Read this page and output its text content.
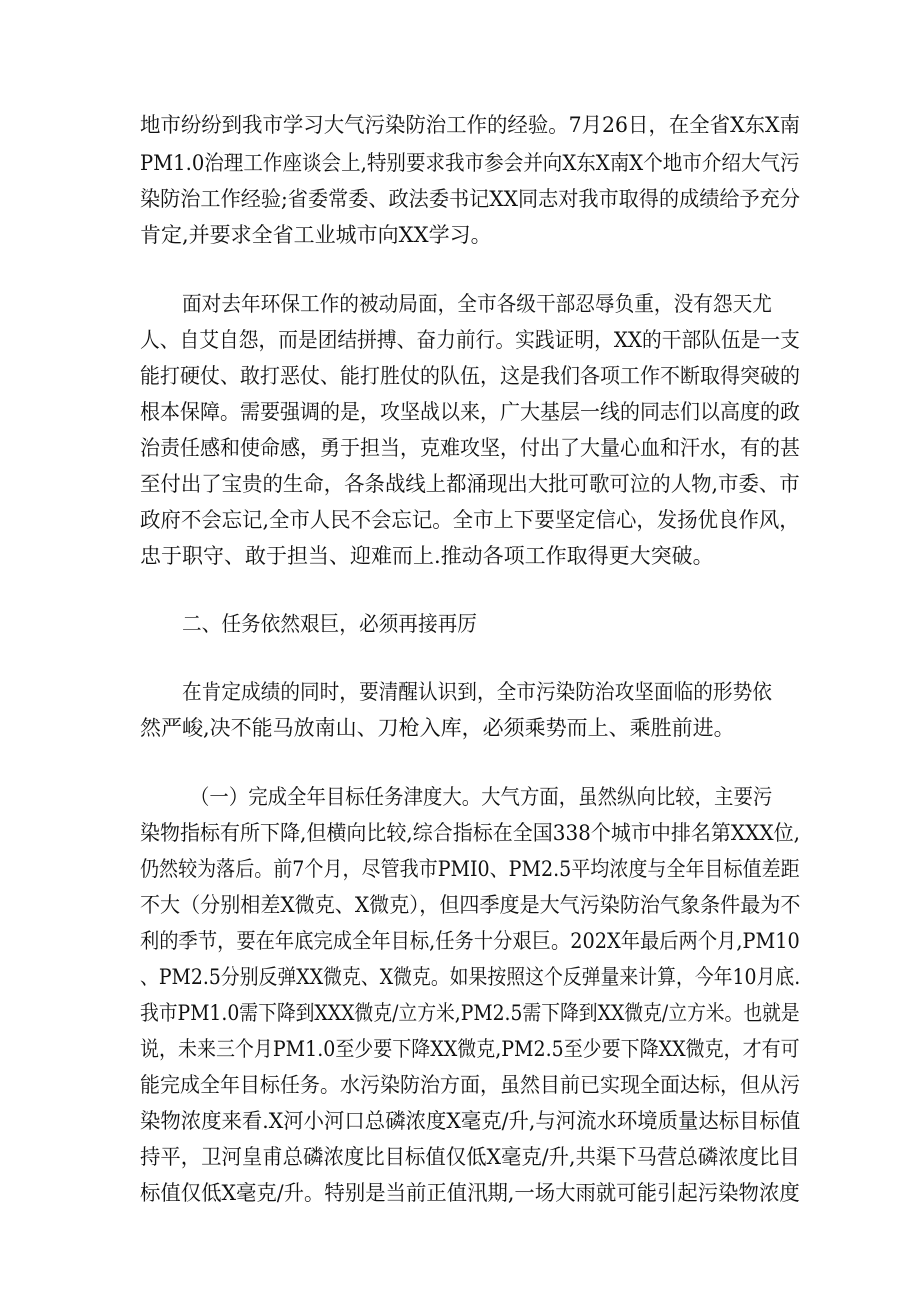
地市纷纷到我市学习大气污染防治工作的经验。7月26日，在全省X东X南
PM1.0治理工作座谈会上,特别要求我市参会并向X东X南X个地市介绍大气污
染防治工作经验;省委常委、政法委书记XX同志对我市取得的成绩给予充分
肯定,并要求全省工业城市向XX学习。
面对去年环保工作的被动局面，全市各级干部忍辱负重，没有怨天尤
人、自艾自怨，而是团结拼搏、奋力前行。实践证明，XX的干部队伍是一支
能打硬仗、敢打恶仗、能打胜仗的队伍，这是我们各项工作不断取得突破的
根本保障。需要强调的是，攻坚战以来，广大基层一线的同志们以高度的政
治责任感和使命感，勇于担当，克难攻坚，付出了大量心血和汗水，有的甚
至付出了宝贵的生命，各条战线上都涌现出大批可歌可泣的人物,市委、市
政府不会忘记,全市人民不会忘记。全市上下要坚定信心，发扬优良作风，
忠于职守、敢于担当、迎难而上.推动各项工作取得更大突破。
二、任务依然艰巨，必须再接再厉
在肯定成绩的同时，要清醒认识到，全市污染防治攻坚面临的形势依
然严峻,决不能马放南山、刀枪入库，必须乘势而上、乘胜前进。
（一）完成全年目标任务津度大。大气方面，虽然纵向比较，主要污
染物指标有所下降,但横向比较,综合指标在全国338个城市中排名第XXX位,
仍然较为落后。前7个月，尽管我市PMI0、PM2.5平均浓度与全年目标值差距
不大（分别相差X微克、X微克），但四季度是大气污染防治气象条件最为不
利的季节，要在年底完成全年目标,任务十分艰巨。202X年最后两个月,PM10
、PM2.5分别反弹XX微克、X微克。如果按照这个反弹量来计算，今年10月底.
我市PM1.0需下降到XXX微克/立方米,PM2.5需下降到XX微克/立方米。也就是
说，未来三个月PM1.0至少要下降XX微克,PM2.5至少要下降XX微克，才有可
能完成全年目标任务。水污染防治方面，虽然目前已实现全面达标，但从污
染物浓度来看.X河小河口总磷浓度X毫克/升,与河流水环境质量达标目标值
持平，卫河皇甫总磷浓度比目标值仅低X毫克/升,共渠下马营总磷浓度比目
标值仅低X毫克/升。特别是当前正值汛期,一场大雨就可能引起污染物浓度
